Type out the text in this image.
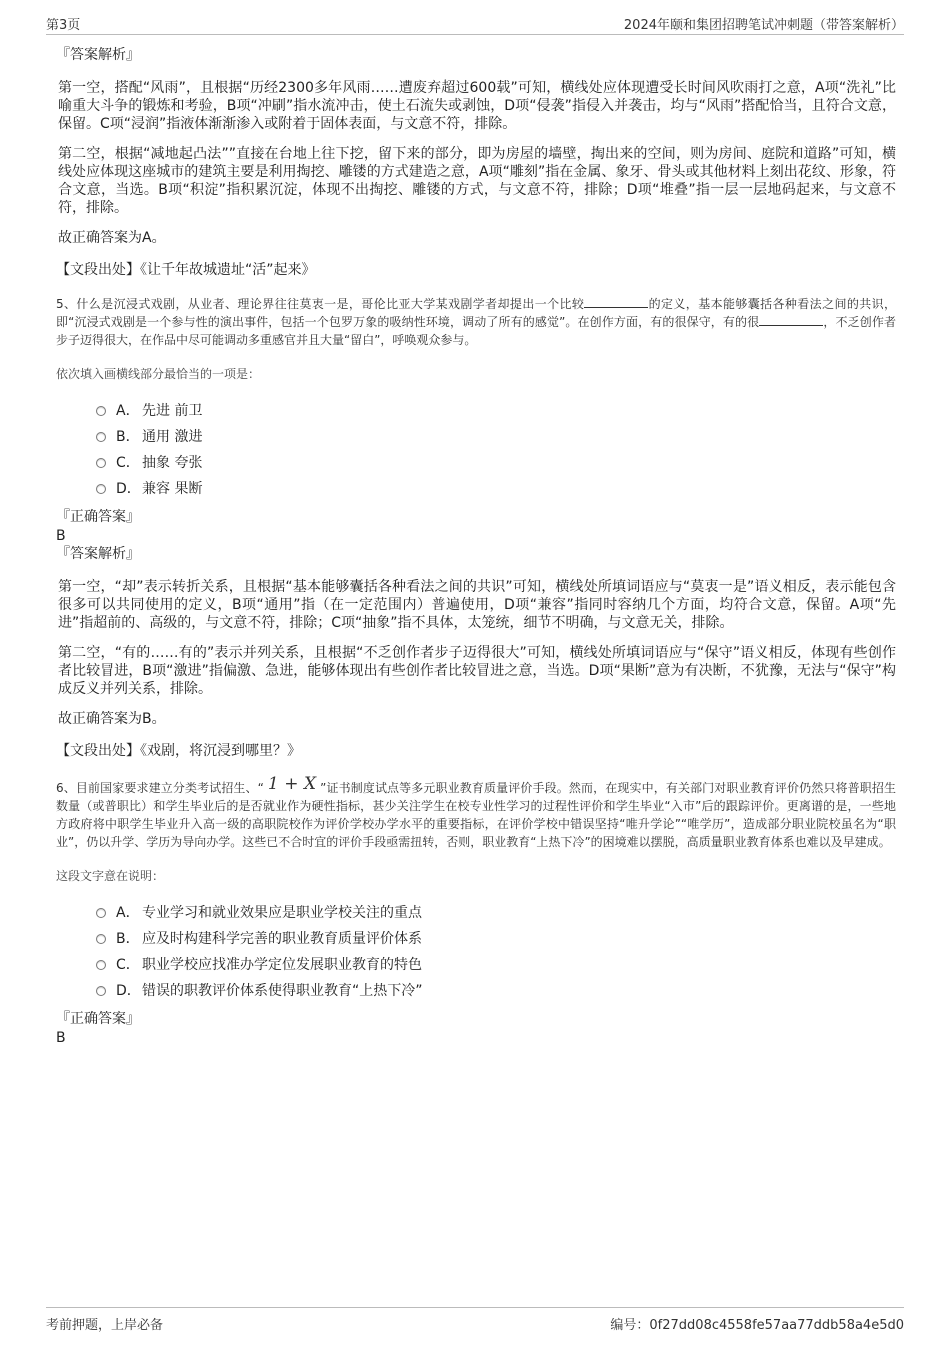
第3页	2024年颐和集团招聘笔试冲刺题（带答案解析）
『答案解析』

第一空，搭配“风雨”，且根据“历经2300多年风雨……遭废弃超过600载”可知，横线处应体现遭受长时间风吹雨打之意，A项“洗礼”比喻重大斗争的锻炼和考验，B项“冲刷”指水流冲击，使土石流失或剥蚀，D项“侵袭”指侵入并袭击，均与“风雨”搭配恰当，且符合文意，保留。C项“浸润”指液体渐渐渗入或附着于固体表面，与文意不符，排除。

第二空，根据“减地起凸法””直接在台地上往下挖，留下来的部分，即为房屋的墙壁，掏出来的空间，则为房间、庭院和道路”可知，横线处应体现这座城市的建筑主要是利用掏挖、雕镂的方式建造之意，A项“雕刻”指在金属、象牙、骨头或其他材料上刻出花纹、形象，符合文意，当选。B项“积淀”指积累沉淀，体现不出掏挖、雕镂的方式，与文意不符，排除；D项“堆叠”指一层一层地码起来，与文意不符，排除。

故正确答案为A。

【文段出处】《让千年故城遗址“活”起来》
5、什么是沉浸式戏剧，从业者、理论界往往莫衷一是，哥伦比亚大学某戏剧学者却提出一个比较	的定义，基本能够囊括各种看法之间的共识，即“沉浸式戏剧是一个参与性的演出事件，包括一个包罗万象的吸纳性环境，调动了所有的感觉”。在创作方面，有的很保守，有的很	，不乏创作者步子迈得很大，在作品中尽可能调动多重感官并且大量“留白”，呼唤观众参与。
依次填入画横线部分最恰当的一项是：
A． 先进 前卫
B． 通用 激进
C． 抽象 夸张
D． 兼容 果断
『正确答案』
B
『答案解析』

第一空，“却”表示转折关系，且根据“基本能够囊括各种看法之间的共识”可知，横线处所填词语应与“莫衷一是”语义相反，表示能包含很多可以共同使用的定义，B项“通用”指（在一定范围内）普遍使用，D项“兼容”指同时容纳几个方面，均符合文意，保留。A项“先进”指超前的、高级的，与文意不符，排除；C项“抽象”指不具体，太笼统，细节不明确，与文意无关，排除。

第二空，“有的……有的”表示并列关系，且根据“不乏创作者步子迈得很大”可知，横线处所填词语应与“保守”语义相反，体现有些创作者比较冒进，B项“激进”指偏激、急进，能够体现出有些创作者比较冒进之意，当选。D项“果断”意为有决断，不犹豫，无法与“保守”构成反义并列关系，排除。

故正确答案为B。

【文段出处】《戏剧，将沉浸到哪里？》
6、目前国家要求建立分类考试招生、“ 1 + X ”证书制度试点等多元职业教育质量评价手段。然而，在现实中，有关部门对职业教育评价仍然只将普职招生数量（或普职比）和学生毕业后的是否就业作为硬性指标，甚少关注学生在校专业性学习的过程性评价和学生毕业“入市”后的跟踪评价。更离谱的是，一些地方政府将中职学生毕业升入高一级的高职院校作为评价学校办学水平的重要指标，在评价学校中错误坚持“唯升学论”“唯学历”，造成部分职业院校虽名为“职业”，仍以升学、学历为导向办学。这些已不合时宜的评价手段亟需扭转，否则，职业教育“上热下冷”的困境难以摆脱，高质量职业教育体系也难以及早建成。
这段文字意在说明：
A． 专业学习和就业效果应是职业学校关注的重点
B． 应及时构建科学完善的职业教育质量评价体系
C． 职业学校应找准办学定位发展职业教育的特色
D． 错误的职教评价体系使得职业教育“上热下冷”
『正确答案』
B
考前押题，上岸必备	编号：0f27dd08c4558fe57aa77ddb58a4e5d0
